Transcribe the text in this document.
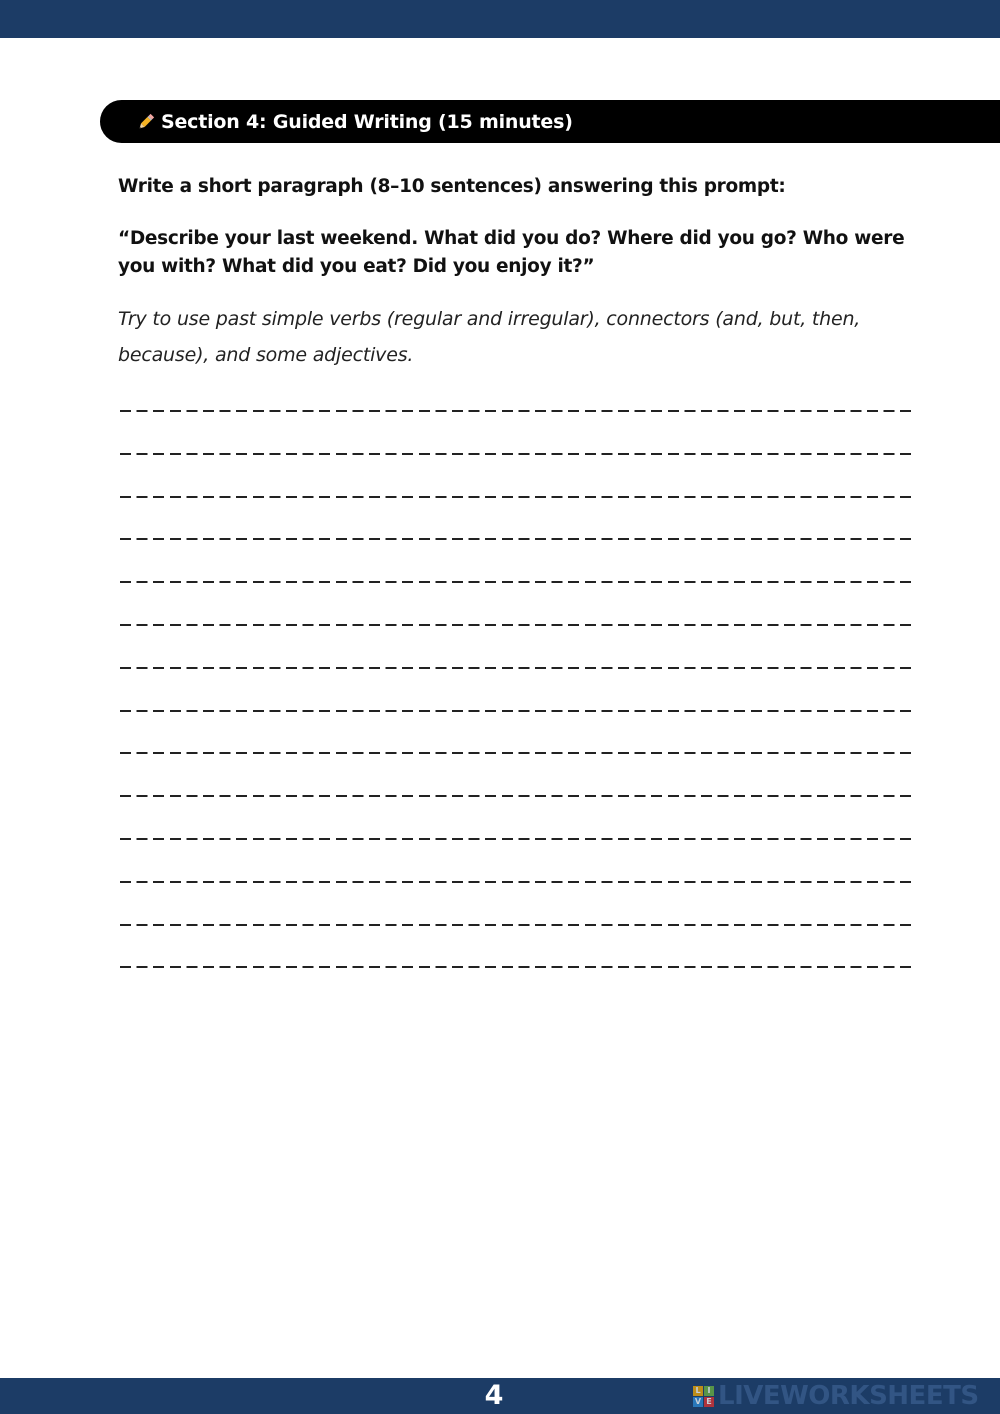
Section 4: Guided Writing (15 minutes)

Write a short paragraph (8–10 sentences) answering this prompt:

“Describe your last weekend. What did you do? Where did you go? Who were you with? What did you eat? Did you enjoy it?”

Try to use past simple verbs (regular and irregular), connectors (and, but, then, because), and some adjectives.

4	L I
V E LIVEWORKSHEETS
